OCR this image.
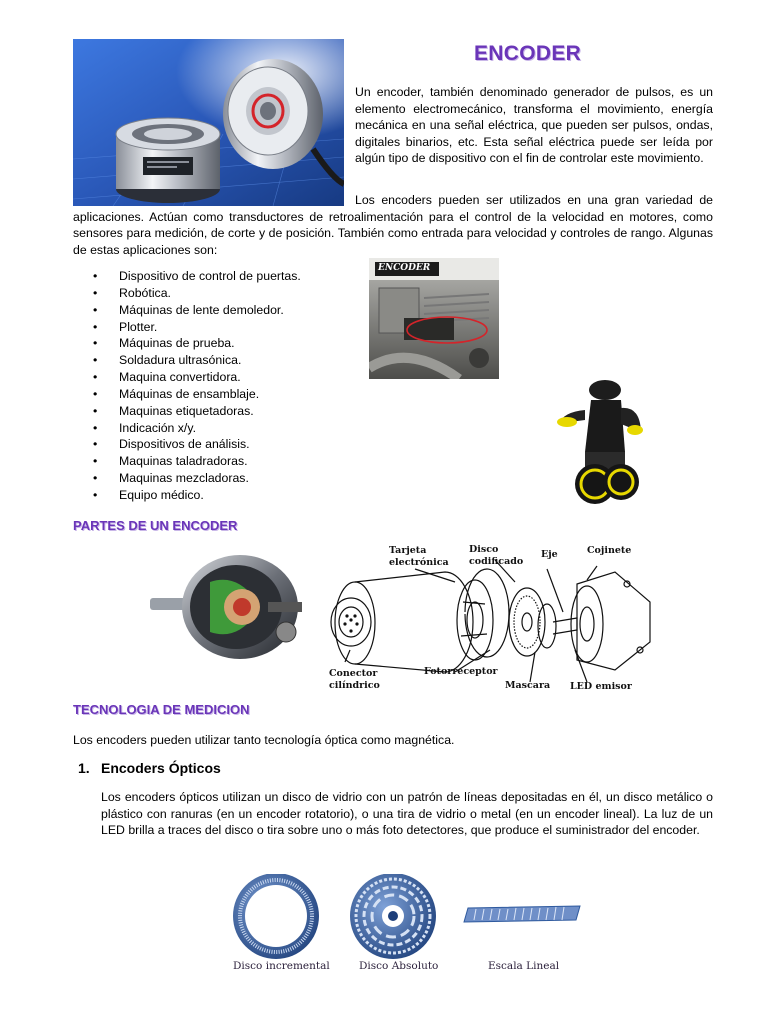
ENCODER

Un encoder, también denominado generador de pulsos, es un elemento electromecánico, transforma el movimiento, energía mecánica en una señal eléctrica, que pueden ser pulsos, ondas, digitales binarios, etc. Esta señal eléctrica puede ser leída por algún tipo de dispositivo con el fin de controlar este movimiento.

Los encoders pueden ser utilizados en una gran variedad de
aplicaciones. Actúan como transductores de retroalimentación para el control de la velocidad en motores, como sensores para medición, de corte y de posición. También como entrada para velocidad y controles de rango. Algunas de estas aplicaciones son:

• Dispositivo de control de puertas.
• Robótica.
• Máquinas de lente demoledor.
• Plotter.
• Máquinas de prueba.
• Soldadura ultrasónica.
• Maquina convertidora.
• Máquinas de ensamblaje.
• Maquinas etiquetadoras.
• Indicación x/y.
• Dispositivos de análisis.
• Maquinas taladradoras.
• Maquinas mezcladoras.
• Equipo médico.
ENCODER
PARTES DE UN ENCODER
Tarjeta
electrónica
Disco
codificado
Eje	Cojinete
Conector
cilíndrico
Fotorreceptor
Mascara LED emisor
TECNOLOGIA DE MEDICION

Los encoders pueden utilizar tanto tecnología óptica como magnética.

1. Encoders Ópticos

Los encoders ópticos utilizan un disco de vidrio con un patrón de líneas depositadas en él, un disco metálico o plástico con ranuras (en un encoder rotatorio), o una tira de vidrio o metal (en un encoder lineal). La luz de un LED brilla a traces del disco o tira sobre uno o más foto detectores, que produce el suministrador del encoder.

Disco incremental	Disco Absoluto	Escala Lineal
